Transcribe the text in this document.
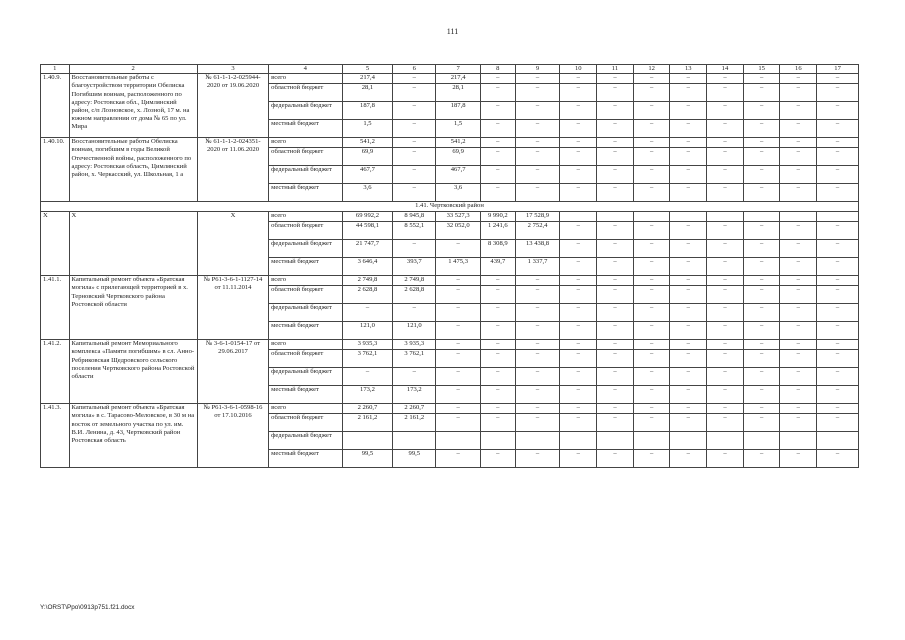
111
1	2	3	4	5	6	7	8	9	10	11	12	13	14	15	16	17
1.40.9.	Восстановительные работы с благоустройством территории Обелиска Погибшим воинам, расположенного по адресу: Ростовская обл., Цимлянский район, с/п Лозновское, х. Лозной, 17 м. на южном направлении от дома № 65 по ул. Мира	№ 61-1-1-2-025944-2020 от 19.06.2020	всего	217,4	–	217,4	–	–	–	–	–	–	–	–	–	–
			областной бюджет	28,1	–	28,1	–	–	–	–	–	–	–	–	–	–
			федеральный бюджет	187,8	–	187,8	–	–	–	–	–	–	–	–	–	–
			местный бюджет	1,5	–	1,5	–	–	–	–	–	–	–	–	–	–
1.40.10.	Восстановительные работы Обелиска воинам, погибшим в годы Великой Отечественной войны, расположенного по адресу: Ростовская область, Цимлянский район, х. Черкасский, ул. Школьная, 1 а	№ 61-1-1-2-024351-2020 от 11.06.2020	всего	541,2	–	541,2	–	–	–	–	–	–	–	–	–	–
			областной бюджет	69,9	–	69,9	–	–	–	–	–	–	–	–	–	–
			федеральный бюджет	467,7	–	467,7	–	–	–	–	–	–	–	–	–	–
			местный бюджет	3,6	–	3,6	–	–	–	–	–	–	–	–	–	–
1.41. Чертковский район																
Х	Х	Х	всего	69 992,2	8 945,8	33 527,3	9 990,2	17 528,9								
			областной бюджет	44 598,1	8 552,1	32 052,0	1 241,6	2 752,4	–	–	–	–	–	–	–	–
			федеральный бюджет	21 747,7	–	–	8 308,9	13 438,8	–	–	–	–	–	–	–	–
			местный бюджет	3 646,4	393,7	1 475,3	439,7	1 337,7	–	–	–	–	–	–	–	–
1.41.1.	Капитальный ремонт объекта «Братская могила» с прилегающей территорией в х. Терновский Чертковского района Ростовской области	№ Р61-3-6-1-1127-14 от 11.11.2014	всего	2 749,8	2 749,8	–	–	–	–	–	–	–	–	–	–	–
			областной бюджет	2 628,8	2 628,8	–	–	–	–	–	–	–	–	–	–	–
			федеральный бюджет	–	–	–	–	–	–	–	–	–	–	–	–	–
			местный бюджет	121,0	121,0	–	–	–	–	–	–	–	–	–	–	–
1.41.2.	Капитальный ремонт Мемориального комплекса «Памяти погибшим» в сл. Анно-Ребриковская Щедровского сельского поселения Чертковского района Ростовской области	№ 3-6-1-0154-17 от 29.06.2017	всего	3 935,3	3 935,3	–	–	–	–	–	–	–	–	–	–	–
			областной бюджет	3 762,1	3 762,1	–	–	–	–	–	–	–	–	–	–	–
			федеральный бюджет	–	–	–	–	–	–	–	–	–	–	–	–	–
			местный бюджет	173,2	173,2	–	–	–	–	–	–	–	–	–	–	–
1.41.3.	Капитальный ремонт объекта «Братская могила» в с. Тарасово-Меловское, в 30 м на восток от земельного участка по ул. им. В.И. Ленина, д. 43, Чертковский район Ростовская область	№ Р61-3-6-1-0598-16 от 17.10.2016	всего	2 260,7	2 260,7	–	–	–	–	–	–	–	–	–	–	–
			областной бюджет	2 161,2	2 161,2	–	–	–	–	–	–	–	–	–	–	–
			федеральный бюджет													
			местный бюджет	99,5	99,5	–	–	–	–	–	–	–	–	–	–	–
Y:\ORST\Ppo\0913p751.f21.docx
